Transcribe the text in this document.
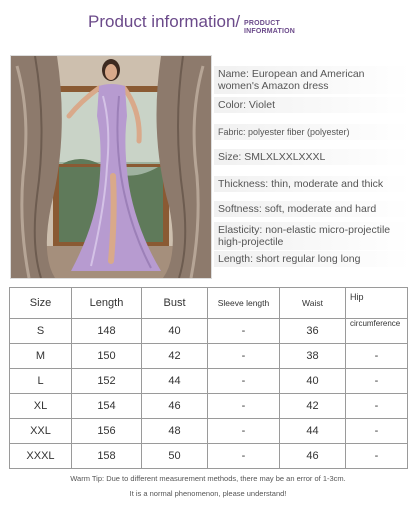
Product information/ PRODUCT
INFORMATION
Name: European and American women's Amazon dress
Color: Violet
Fabric: polyester fiber (polyester)
Size: SMLXLXXLXXXL
Thickness: thin, moderate and thick
Softness: soft, moderate and hard
Elasticity: non-elastic micro-projectile high-projectile
Length: short regular long long
Size	Length	Bust	Sleeve length	Waist	Hip
S	148	40	-	36	circumference
M	150	42	-	38	-
L	152	44	-	40	-
XL	154	46	-	42	-
XXL	156	48	-	44	-
XXXL	158	50	-	46	-
Warm Tip: Due to different measurement methods, there may be an error of 1-3cm.
It is a normal phenomenon, please understand!
